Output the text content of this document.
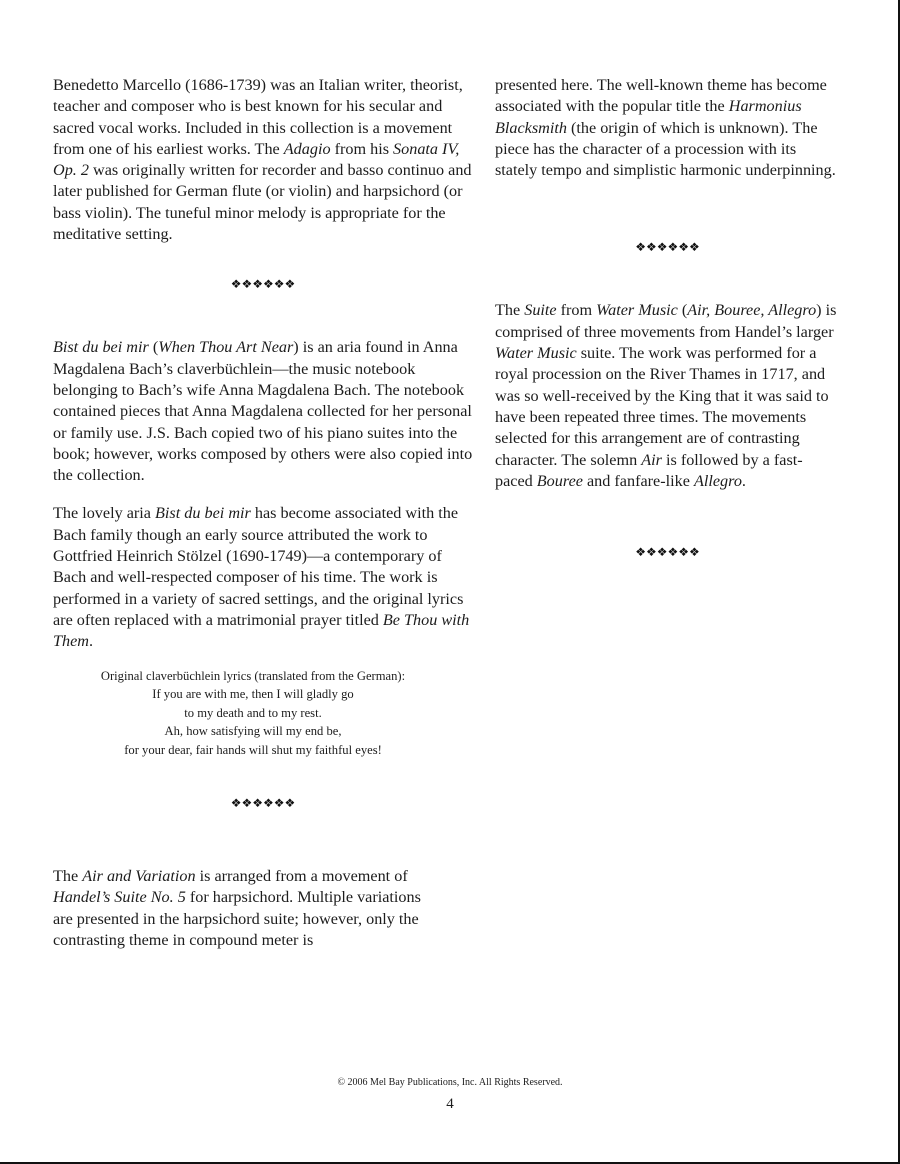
Benedetto Marcello (1686-1739) was an Italian writer, theorist, teacher and composer who is best known for his secular and sacred vocal works. Included in this collection is a movement from one of his earliest works. The Adagio from his Sonata IV, Op. 2 was originally written for recorder and basso continuo and later published for German flute (or violin) and harpsichord (or bass violin). The tuneful minor melody is appropriate for the meditative setting.

❖❖❖❖❖❖

Bist du bei mir (When Thou Art Near) is an aria found in Anna Magdalena Bach’s claverbüchlein—the music notebook belonging to Bach’s wife Anna Magdalena Bach. The notebook contained pieces that Anna Magdalena collected for her personal or family use. J.S. Bach copied two of his piano suites into the book; however, works composed by others were also copied into the collection.

The lovely aria Bist du bei mir has become associated with the Bach family though an early source attributed the work to Gottfried Heinrich Stölzel (1690-1749)—a contemporary of Bach and well-respected composer of his time. The work is performed in a variety of sacred settings, and the original lyrics are often replaced with a matrimonial prayer titled Be Thou with Them.

Original claverbüchlein lyrics (translated from the German):
If you are with me, then I will gladly go
to my death and to my rest.
Ah, how satisfying will my end be,
for your dear, fair hands will shut my faithful eyes!
❖❖❖❖❖❖

The Air and Variation is arranged from a movement of Handel’s Suite No. 5 for harpsichord. Multiple variations are presented in the harpsichord suite; however, only the contrasting theme in compound meter is

presented here. The well-known theme has become associated with the popular title the Harmonius Blacksmith (the origin of which is unknown). The piece has the character of a procession with its stately tempo and simplistic harmonic underpinning.

❖❖❖❖❖❖

The Suite from Water Music (Air, Bouree, Allegro) is comprised of three movements from Handel’s larger Water Music suite. The work was performed for a royal procession on the River Thames in 1717, and was so well-received by the King that it was said to have been repeated three times. The movements selected for this arrangement are of contrasting character. The solemn Air is followed by a fast-paced Bouree and fanfare-like Allegro.

❖❖❖❖❖❖
© 2006 Mel Bay Publications, Inc. All Rights Reserved.
4
